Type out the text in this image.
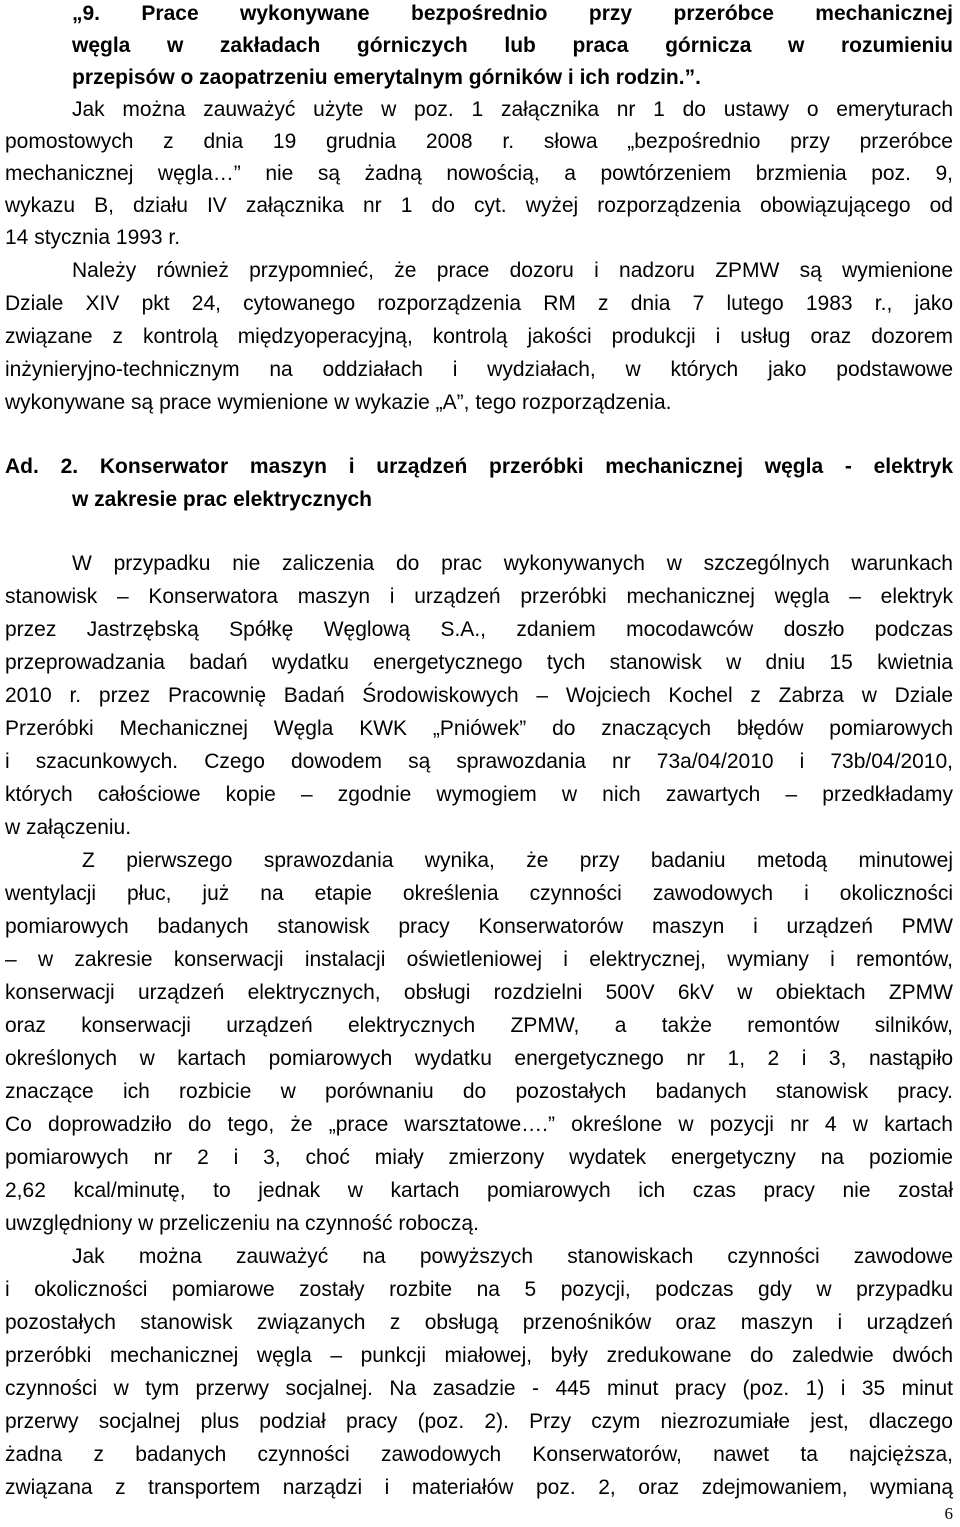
„9. Prace wykonywane bezpośrednio przy przeróbce mechanicznej

węgla w zakładach górniczych lub praca górnicza w rozumieniu

przepisów o zaopatrzeniu emerytalnym górników i ich rodzin.”.

Jak można zauważyć użyte w poz. 1 załącznika nr 1 do ustawy o emeryturach

pomostowych z dnia 19 grudnia 2008 r. słowa „bezpośrednio przy przeróbce

mechanicznej węgla…” nie są żadną nowością, a powtórzeniem brzmienia poz. 9,

wykazu B, działu IV załącznika nr 1 do cyt. wyżej rozporządzenia obowiązującego od

14 stycznia 1993 r.

Należy również przypomnieć, że prace dozoru i nadzoru ZPMW są wymienione

Dziale XIV pkt 24, cytowanego rozporządzenia RM z dnia 7 lutego 1983 r., jako

związane z kontrolą międzyoperacyjną, kontrolą jakości produkcji i usług oraz dozorem

inżynieryjno-technicznym na oddziałach i wydziałach, w których jako podstawowe

wykonywane są prace wymienione w wykazie „A”, tego rozporządzenia.

Ad. 2. Konserwator maszyn i urządzeń przeróbki mechanicznej węgla - elektryk

w zakresie prac elektrycznych

W przypadku nie zaliczenia do prac wykonywanych w szczególnych warunkach

stanowisk – Konserwatora maszyn i urządzeń przeróbki mechanicznej węgla – elektryk

przez Jastrzębską Spółkę Węglową S.A., zdaniem mocodawców doszło podczas

przeprowadzania badań wydatku energetycznego tych stanowisk w dniu 15 kwietnia

2010 r. przez Pracownię Badań Środowiskowych – Wojciech Kochel z Zabrza w Dziale

Przeróbki Mechanicznej Węgla KWK „Pniówek” do znaczących błędów pomiarowych

i szacunkowych. Czego dowodem są sprawozdania nr 73a/04/2010 i 73b/04/2010,

których całościowe kopie – zgodnie wymogiem w nich zawartych – przedkładamy

w załączeniu.

Z pierwszego sprawozdania wynika, że przy badaniu metodą minutowej

wentylacji płuc, już na etapie określenia czynności zawodowych i okoliczności

pomiarowych badanych stanowisk pracy Konserwatorów maszyn i urządzeń PMW

– w zakresie konserwacji instalacji oświetleniowej i elektrycznej, wymiany i remontów,

konserwacji urządzeń elektrycznych, obsługi rozdzielni 500V 6kV w obiektach ZPMW

oraz konserwacji urządzeń elektrycznych ZPMW, a także remontów silników,

określonych w kartach pomiarowych wydatku energetycznego nr 1, 2 i 3, nastąpiło

znaczące ich rozbicie w porównaniu do pozostałych badanych stanowisk pracy.

Co doprowadziło do tego, że „prace warsztatowe….” określone w pozycji nr 4 w kartach

pomiarowych nr 2 i 3, choć miały zmierzony wydatek energetyczny na poziomie

2,62 kcal/minutę, to jednak w kartach pomiarowych ich czas pracy nie został

uwzględniony w przeliczeniu na czynność roboczą.

Jak można zauważyć na powyższych stanowiskach czynności zawodowe

i okoliczności pomiarowe zostały rozbite na 5 pozycji, podczas gdy w przypadku

pozostałych stanowisk związanych z obsługą przenośników oraz maszyn i urządzeń

przeróbki mechanicznej węgla – punkcji miałowej, były zredukowane do zaledwie dwóch

czynności w tym przerwy socjalnej. Na zasadzie - 445 minut pracy (poz. 1) i 35 minut

przerwy socjalnej plus podział pracy (poz. 2). Przy czym niezrozumiałe jest, dlaczego

żadna z badanych czynności zawodowych Konserwatorów, nawet ta najcięższa,

związana z transportem narządzi i materiałów poz. 2, oraz zdejmowaniem, wymianą

6
